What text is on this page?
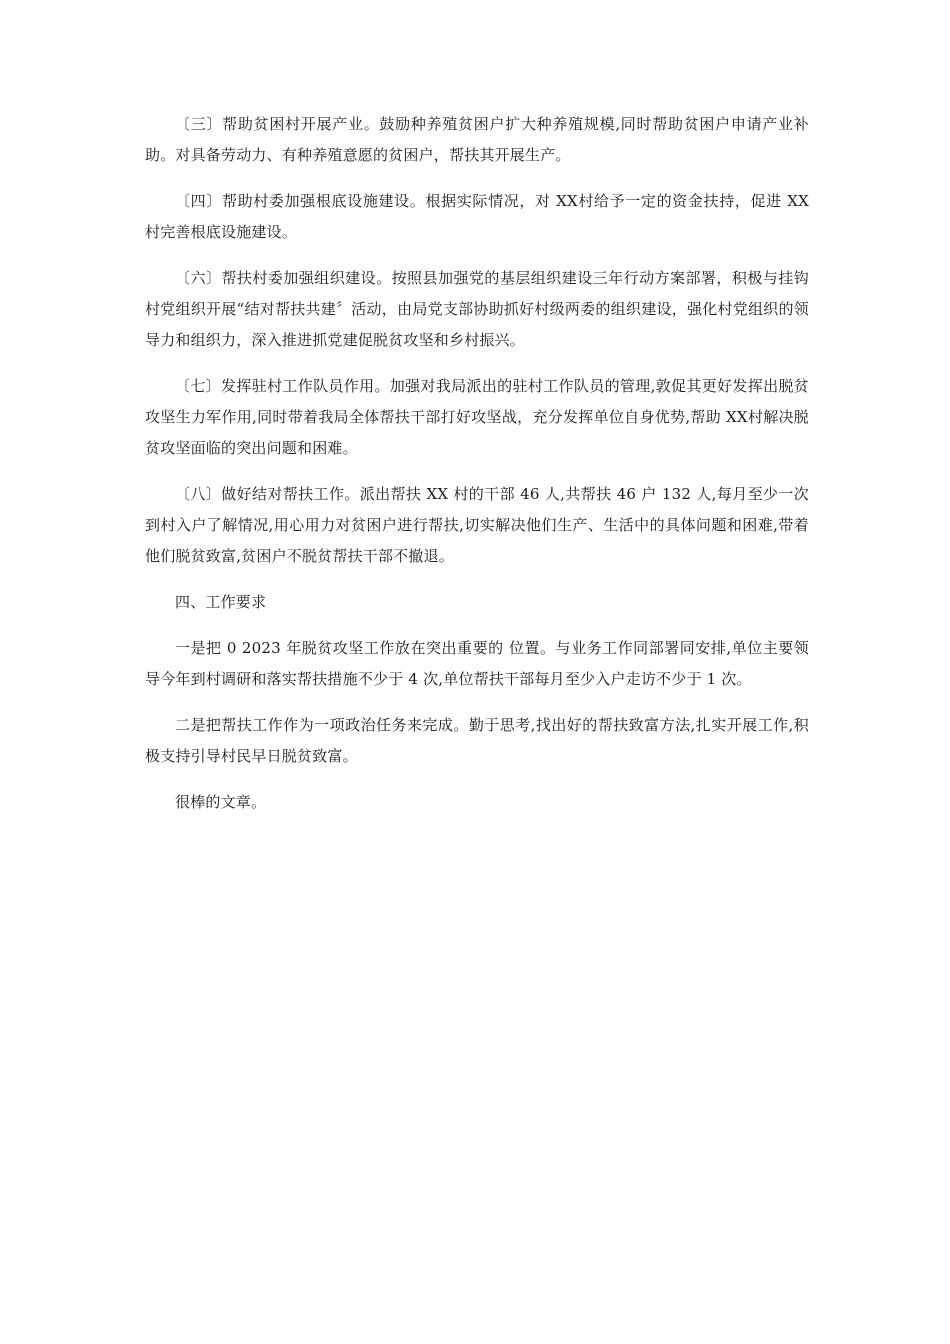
〔三〕帮助贫困村开展产业。鼓励种养殖贫困户扩大种养殖规模,同时帮助贫困户申请产业补助。对具备劳动力、有种养殖意愿的贫困户，帮扶其开展生产。

〔四〕帮助村委加强根底设施建设。根据实际情况，对 XX村给予一定的资金扶持，促进 XX 村完善根底设施建设。

〔六〕帮扶村委加强组织建设。按照县加强党的基层组织建设三年行动方案部署，积极与挂钩村党组织开展“结对帮扶共建〞活动，由局党支部协助抓好村级两委的组织建设，强化村党组织的领导力和组织力，深入推进抓党建促脱贫攻坚和乡村振兴。

〔七〕发挥驻村工作队员作用。加强对我局派出的驻村工作队员的管理,敦促其更好发挥出脱贫攻坚生力军作用,同时带着我局全体帮扶干部打好攻坚战，充分发挥单位自身优势,帮助 XX村解决脱贫攻坚面临的突出问题和困难。

〔八〕做好结对帮扶工作。派出帮扶 XX 村的干部 46 人,共帮扶 46 户 132 人,每月至少一次到村入户了解情况,用心用力对贫困户进行帮扶,切实解决他们生产、生活中的具体问题和困难,带着他们脱贫致富,贫困户不脱贫帮扶干部不撤退。

四、工作要求

一是把 0 2023 年脱贫攻坚工作放在突出重要的 位置。与业务工作同部署同安排,单位主要领导今年到村调研和落实帮扶措施不少于 4 次,单位帮扶干部每月至少入户走访不少于 1 次。

二是把帮扶工作作为一项政治任务来完成。勤于思考,找出好的帮扶致富方法,扎实开展工作,积极支持引导村民早日脱贫致富。

很棒的文章。
